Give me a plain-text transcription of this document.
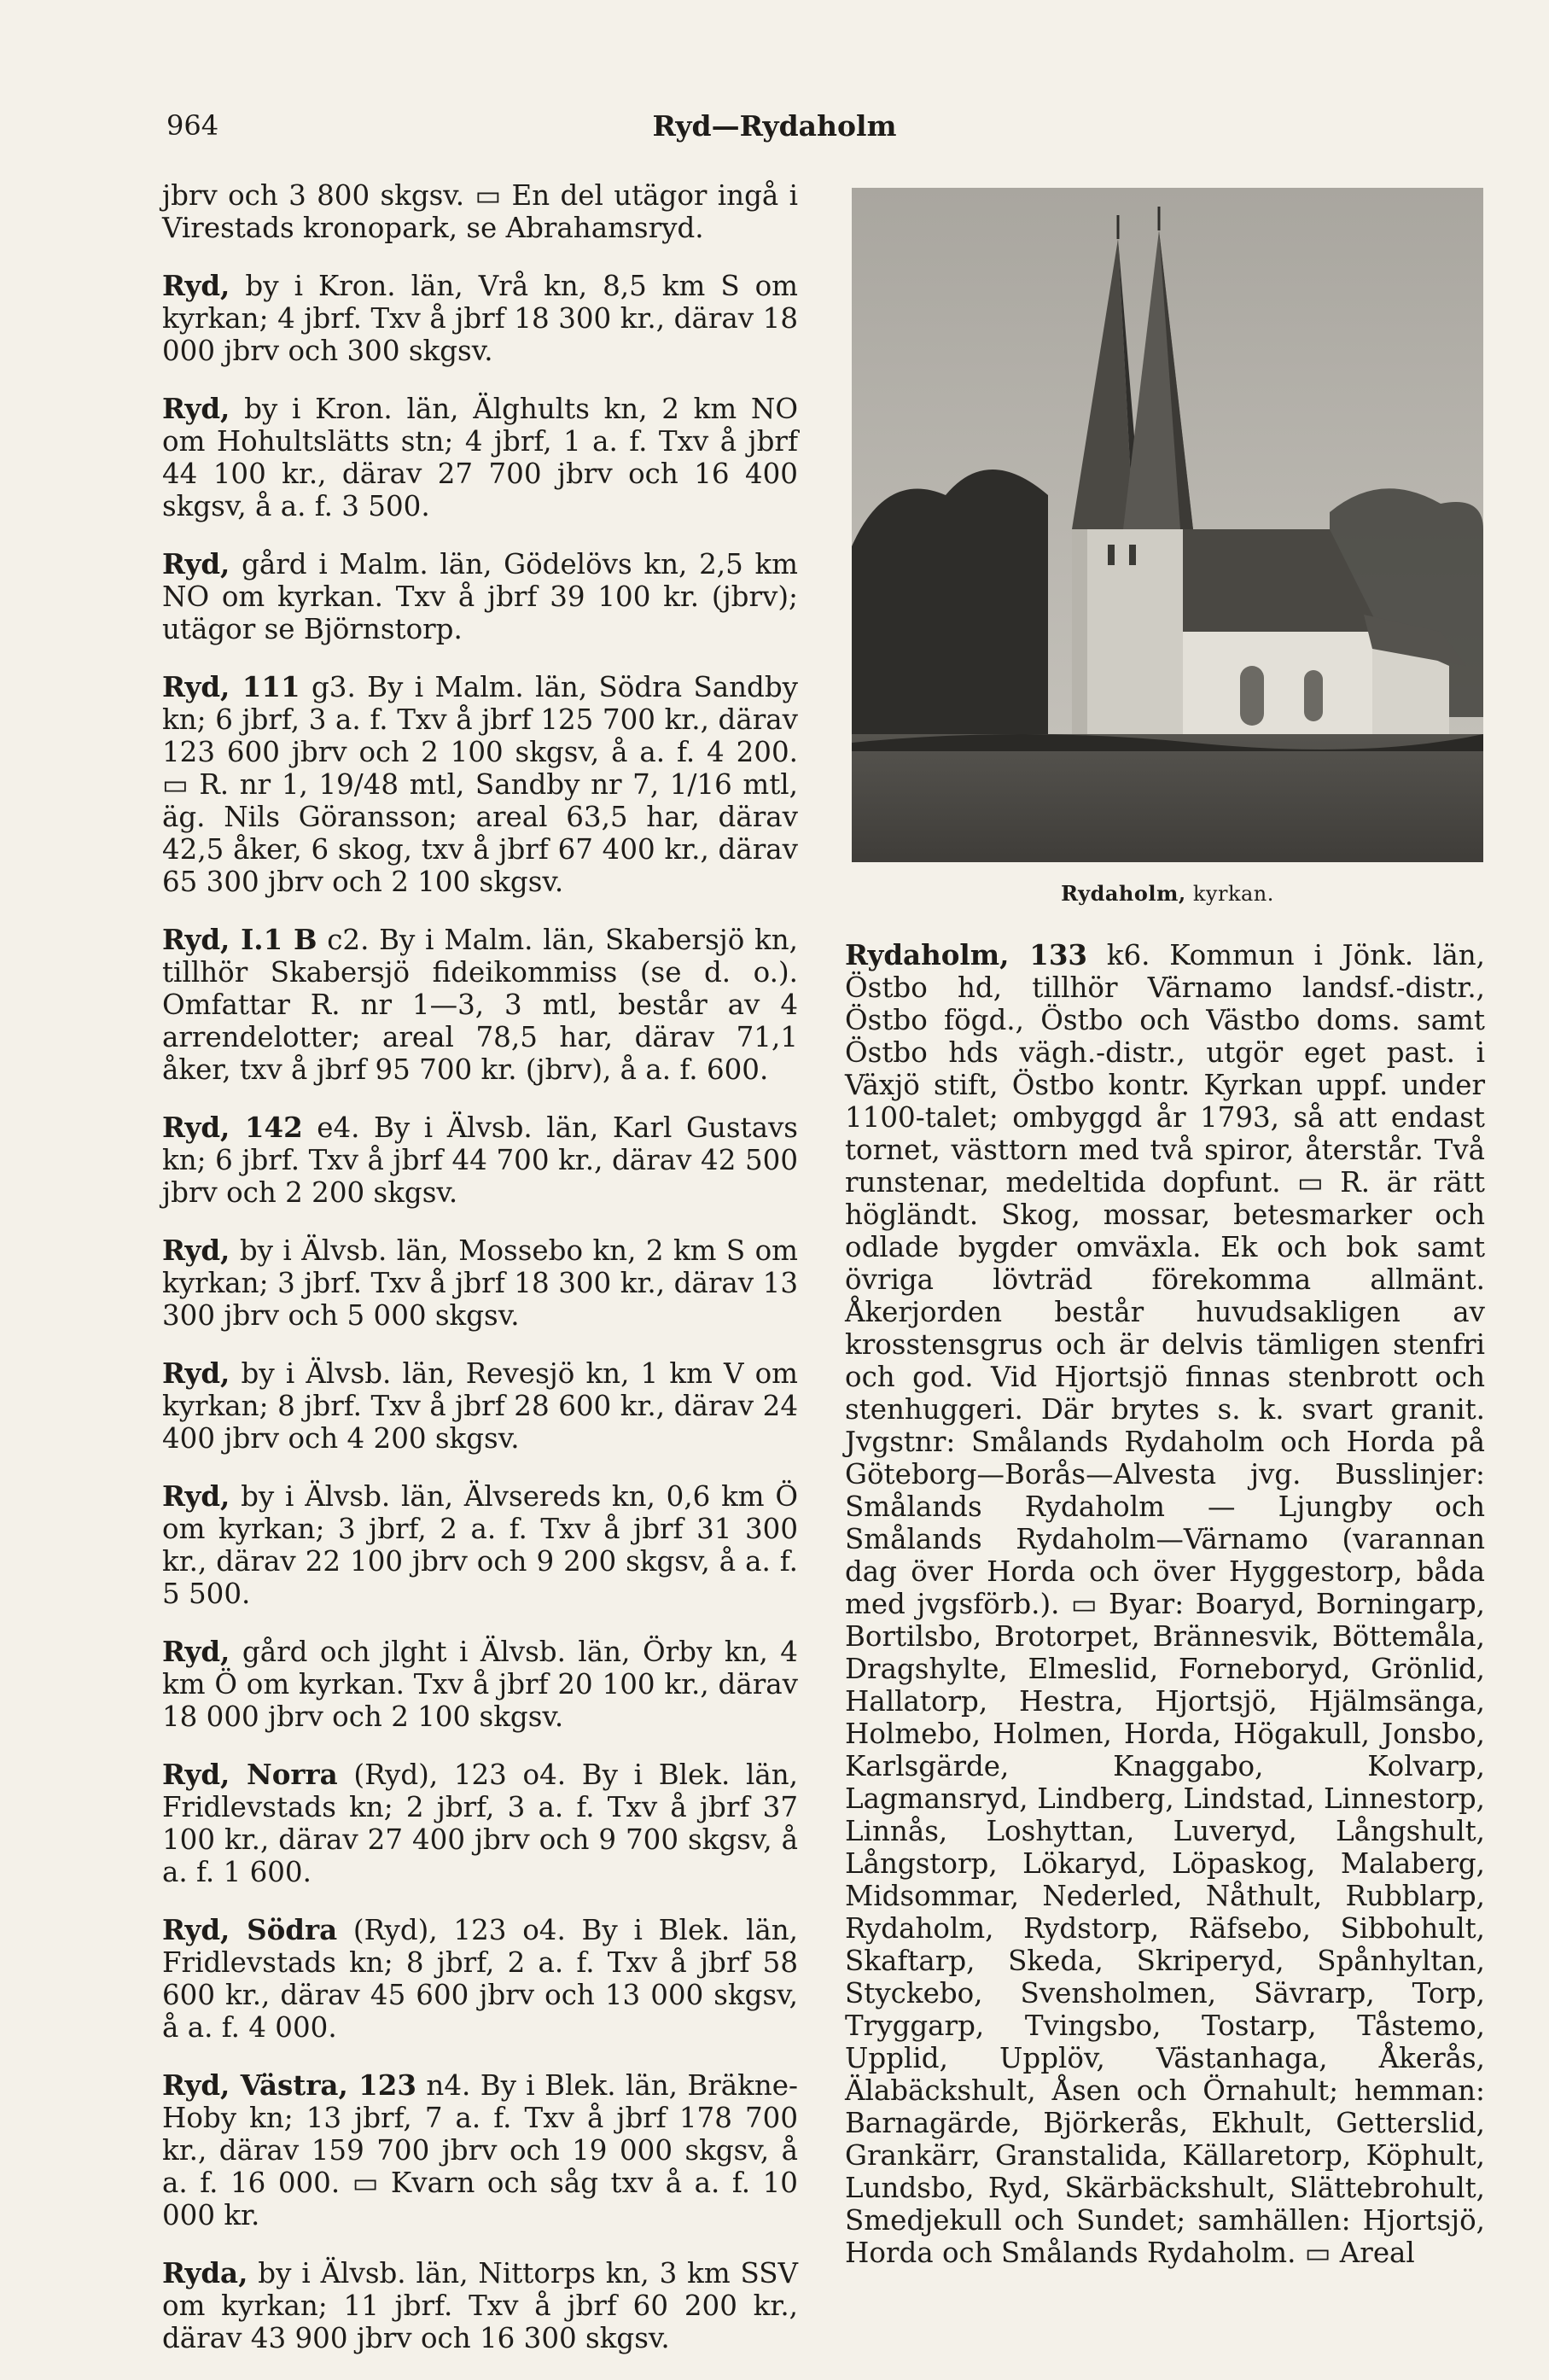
964	Ryd—Rydaholm

jbrv och 3 800 skgsv. ▭ En del utägor ingå i Virestads kronopark, se Abrahamsryd.

Ryd, by i Kron. län, Vrå kn, 8,5 km S om kyrkan; 4 jbrf. Txv å jbrf 18 300 kr., därav 18 000 jbrv och 300 skgsv.

Ryd, by i Kron. län, Älghults kn, 2 km NO om Hohultslätts stn; 4 jbrf, 1 a. f. Txv å jbrf 44 100 kr., därav 27 700 jbrv och 16 400 skgsv, å a. f. 3 500.

Ryd, gård i Malm. län, Gödelövs kn, 2,5 km NO om kyrkan. Txv å jbrf 39 100 kr. (jbrv); utägor se Björnstorp.

Ryd, 111 g3. By i Malm. län, Södra Sandby kn; 6 jbrf, 3 a. f. Txv å jbrf 125 700 kr., därav 123 600 jbrv och 2 100 skgsv, å a. f. 4 200. ▭ R. nr 1, 19/48 mtl, Sandby nr 7, 1/16 mtl, äg. Nils Göransson; areal 63,5 har, därav 42,5 åker, 6 skog, txv å jbrf 67 400 kr., därav 65 300 jbrv och 2 100 skgsv.

Ryd, I.1 B c2. By i Malm. län, Skabersjö kn, tillhör Skabersjö fideikommiss (se d. o.). Omfattar R. nr 1—3, 3 mtl, består av 4 arrendelotter; areal 78,5 har, därav 71,1 åker, txv å jbrf 95 700 kr. (jbrv), å a. f. 600.

Ryd, 142 e4. By i Älvsb. län, Karl Gustavs kn; 6 jbrf. Txv å jbrf 44 700 kr., därav 42 500 jbrv och 2 200 skgsv.

Ryd, by i Älvsb. län, Mossebo kn, 2 km S om kyrkan; 3 jbrf. Txv å jbrf 18 300 kr., därav 13 300 jbrv och 5 000 skgsv.

Ryd, by i Älvsb. län, Revesjö kn, 1 km V om kyrkan; 8 jbrf. Txv å jbrf 28 600 kr., därav 24 400 jbrv och 4 200 skgsv.

Ryd, by i Älvsb. län, Älvsereds kn, 0,6 km Ö om kyrkan; 3 jbrf, 2 a. f. Txv å jbrf 31 300 kr., därav 22 100 jbrv och 9 200 skgsv, å a. f. 5 500.

Ryd, gård och jlght i Älvsb. län, Örby kn, 4 km Ö om kyrkan. Txv å jbrf 20 100 kr., därav 18 000 jbrv och 2 100 skgsv.

Ryd, Norra (Ryd), 123 o4. By i Blek. län, Fridlevstads kn; 2 jbrf, 3 a. f. Txv å jbrf 37 100 kr., därav 27 400 jbrv och 9 700 skgsv, å a. f. 1 600.

Ryd, Södra (Ryd), 123 o4. By i Blek. län, Fridlevstads kn; 8 jbrf, 2 a. f. Txv å jbrf 58 600 kr., därav 45 600 jbrv och 13 000 skgsv, å a. f. 4 000.

Ryd, Västra, 123 n4. By i Blek. län, Bräkne-Hoby kn; 13 jbrf, 7 a. f. Txv å jbrf 178 700 kr., därav 159 700 jbrv och 19 000 skgsv, å a. f. 16 000. ▭ Kvarn och såg txv å a. f. 10 000 kr.

Ryda, by i Älvsb. län, Nittorps kn, 3 km SSV om kyrkan; 11 jbrf. Txv å jbrf 60 200 kr., därav 43 900 jbrv och 16 300 skgsv.

Rydaholm, kyrkan.

Rydaholm, 133 k6. Kommun i Jönk. län, Östbo hd, tillhör Värnamo landsf.-distr., Östbo fögd., Östbo och Västbo doms. samt Östbo hds vägh.-distr., utgör eget past. i Växjö stift, Östbo kontr. Kyrkan uppf. under 1100-talet; ombyggd år 1793, så att endast tornet, västtorn med två spiror, återstår. Två runstenar, medeltida dopfunt. ▭ R. är rätt högländt. Skog, mossar, betesmarker och odlade bygder omväxla. Ek och bok samt övriga lövträd förekomma allmänt. Åkerjorden består huvudsakligen av krosstensgrus och är delvis tämligen stenfri och god. Vid Hjortsjö finnas stenbrott och stenhuggeri. Där brytes s. k. svart granit. Jvgstnr: Smålands Rydaholm och Horda på Göteborg—Borås—Alvesta jvg. Busslinjer: Smålands Rydaholm — Ljungby och Smålands Rydaholm—Värnamo (varannan dag över Horda och över Hyggestorp, båda med jvgsförb.). ▭ Byar: Boaryd, Borningarp, Bortilsbo, Brotorpet, Brännesvik, Böttemåla, Dragshylte, Elmeslid, Forneboryd, Grönlid, Hallatorp, Hestra, Hjortsjö, Hjälmsänga, Holmebo, Holmen, Horda, Högakull, Jonsbo, Karlsgärde, Knaggabo, Kolvarp, Lagmansryd, Lindberg, Lindstad, Linnestorp, Linnås, Loshyttan, Luveryd, Långshult, Långstorp, Lökaryd, Löpaskog, Malaberg, Midsommar, Nederled, Nåthult, Rubblarp, Rydaholm, Rydstorp, Räfsebo, Sibbohult, Skaftarp, Skeda, Skriperyd, Spånhyltan, Styckebo, Svensholmen, Sävrarp, Torp, Tryggarp, Tvingsbo, Tostarp, Tåstemo, Upplid, Upplöv, Västanhaga, Åkerås, Älabäckshult, Åsen och Örnahult; hemman: Barnagärde, Björkerås, Ekhult, Getterslid, Grankärr, Granstalida, Källaretorp, Köphult, Lundsbo, Ryd, Skärbäckshult, Slättebrohult, Smedjekull och Sundet; samhällen: Hjortsjö, Horda och Smålands Rydaholm. ▭ Areal
